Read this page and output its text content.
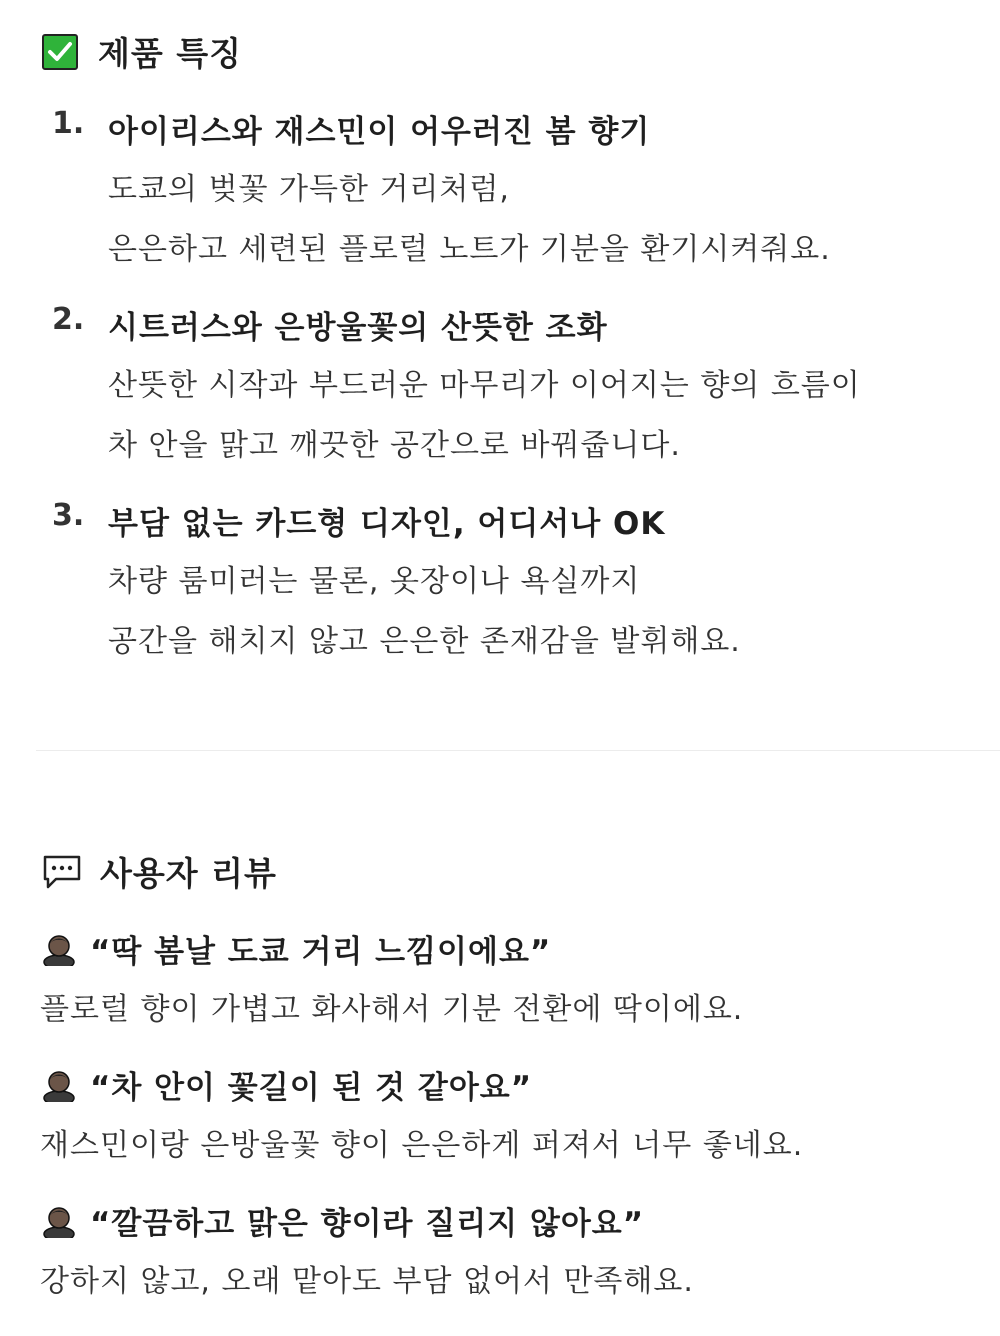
제품 특징
1. 아이리스와 재스민이 어우러진 봄 향기
도쿄의 벚꽃 가득한 거리처럼,
은은하고 세련된 플로럴 노트가 기분을 환기시켜줘요.
2. 시트러스와 은방울꽃의 산뜻한 조화
산뜻한 시작과 부드러운 마무리가 이어지는 향의 흐름이
차 안을 맑고 깨끗한 공간으로 바꿔줍니다.
3. 부담 없는 카드형 디자인, 어디서나 OK
차량 룸미러는 물론, 옷장이나 욕실까지
공간을 해치지 않고 은은한 존재감을 발휘해요.
사용자 리뷰
“딱 봄날 도쿄 거리 느낌이에요”
플로럴 향이 가볍고 화사해서 기분 전환에 딱이에요.
“차 안이 꽃길이 된 것 같아요”
재스민이랑 은방울꽃 향이 은은하게 퍼져서 너무 좋네요.
“깔끔하고 맑은 향이라 질리지 않아요”
강하지 않고, 오래 맡아도 부담 없어서 만족해요.
